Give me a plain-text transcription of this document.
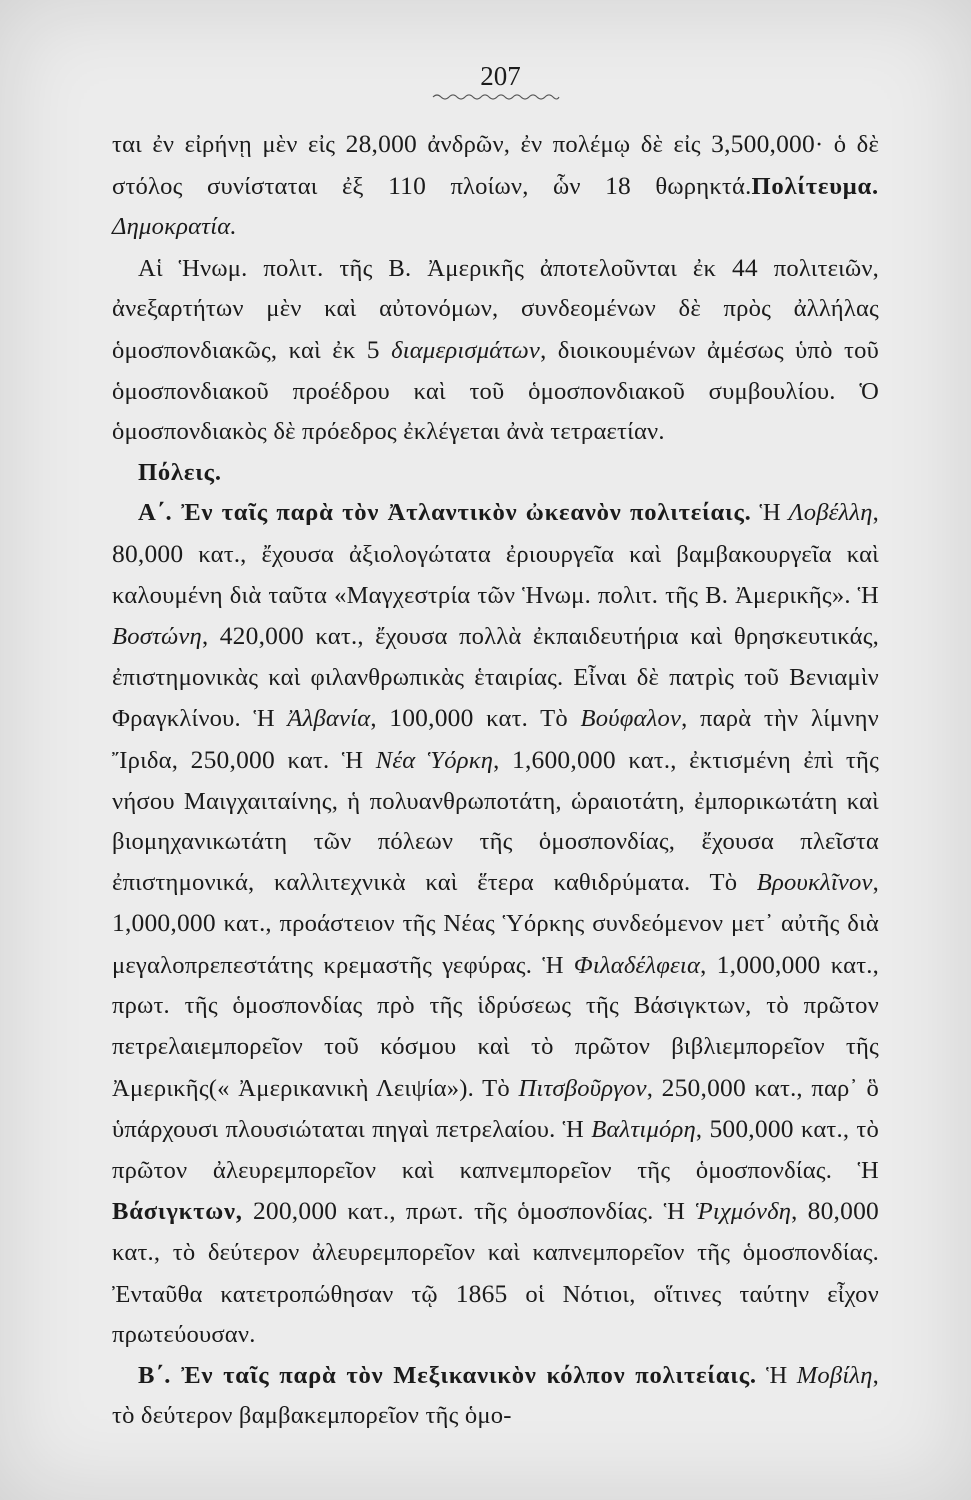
207

ται ἐν εἰρήνῃ μὲν εἰς 28,000 ἀνδρῶν, ἐν πολέμῳ δὲ εἰς 3,500,000· ὁ δὲ στόλος συνίσταται ἐξ 110 πλοίων, ὧν 18 θωρηκτά.Πολίτευμα. Δημοκρατία.

Αἱ Ἡνωμ. πολιτ. τῆς Β. Ἀμερικῆς ἀποτελοῦνται ἐκ 44 πολιτειῶν, ἀνεξαρτήτων μὲν καὶ αὐτονόμων, συνδεομένων δὲ πρὸς ἀλλήλας ὁμοσπονδιακῶς, καὶ ἐκ 5 διαμερισμάτων, διοικουμένων ἀμέσως ὑπὸ τοῦ ὁμοσπονδιακοῦ προέδρου καὶ τοῦ ὁμοσπονδιακοῦ συμβουλίου. Ὁ ὁμοσπονδιακὸς δὲ πρόεδρος ἐκλέγεται ἀνὰ τετραετίαν.

Πόλεις.

Α΄. Ἐν ταῖς παρὰ τὸν Ἀτλαντικὸν ὠκεανὸν πολιτείαις. Ἡ Λοβέλλη, 80,000 κατ., ἔχουσα ἀξιολογώτατα ἐριουργεῖα καὶ βαμβακουργεῖα καὶ καλουμένη διὰ ταῦτα «Μαγχεστρία τῶν Ἡνωμ. πολιτ. τῆς Β. Ἀμερικῆς». Ἡ Βοστώνη, 420,000 κατ., ἔχουσα πολλὰ ἐκπαιδευτήρια καὶ θρησκευτικάς, ἐπιστημονικὰς καὶ φιλανθρωπικὰς ἑταιρίας. Εἶναι δὲ πατρὶς τοῦ Βενιαμὶν Φραγκλίνου. Ἡ Ἀλβανία, 100,000 κατ. Τὸ Βούφαλον, παρὰ τὴν λίμνην Ἴριδα, 250,000 κατ. Ἡ Νέα Ὑόρκη, 1,600,000 κατ., ἐκτισμένη ἐπὶ τῆς νήσου Μαιγχαιταίνης, ἡ πολυανθρωποτάτη, ὡραιοτάτη, ἐμπορικωτάτη καὶ βιομηχανικωτάτη τῶν πόλεων τῆς ὁμοσπονδίας, ἔχουσα πλεῖστα ἐπιστημονικά, καλλιτεχνικὰ καὶ ἕτερα καθιδρύματα. Τὸ Βρουκλῖνον, 1,000,000 κατ., προάστειον τῆς Νέας Ὑόρκης συνδεόμενον μετ᾽ αὐτῆς διὰ μεγαλοπρεπεστάτης κρεμαστῆς γεφύρας. Ἡ Φιλαδέλφεια, 1,000,000 κατ., πρωτ. τῆς ὁμοσπονδίας πρὸ τῆς ἱδρύσεως τῆς Βάσιγκτων, τὸ πρῶτον πετρελαιεμπορεῖον τοῦ κόσμου καὶ τὸ πρῶτον βιβλιεμπορεῖον τῆς Ἀμερικῆς(« Ἀμερικανικὴ Λειψία»). Τὸ Πιτσβοῦργον, 250,000 κατ., παρ᾽ ὃ ὑπάρχουσι πλουσιώταται πηγαὶ πετρελαίου. Ἡ Βαλτιμόρη, 500,000 κατ., τὸ πρῶτον ἀλευρεμπορεῖον καὶ καπνεμπορεῖον τῆς ὁμοσπονδίας. Ἡ Βάσιγκτων, 200,000 κατ., πρωτ. τῆς ὁμοσπονδίας. Ἡ Ῥιχμόνδη, 80,000 κατ., τὸ δεύτερον ἀλευρεμπορεῖον καὶ καπνεμπορεῖον τῆς ὁμοσπονδίας. Ἐνταῦθα κατετροπώθησαν τῷ 1865 οἱ Νότιοι, οἵτινες ταύτην εἶχον πρωτεύουσαν.

Β΄. Ἐν ταῖς παρὰ τὸν Μεξικανικὸν κόλπον πολιτείαις. Ἡ Μοβίλη, τὸ δεύτερον βαμβακεμπορεῖον τῆς ὁμο-
